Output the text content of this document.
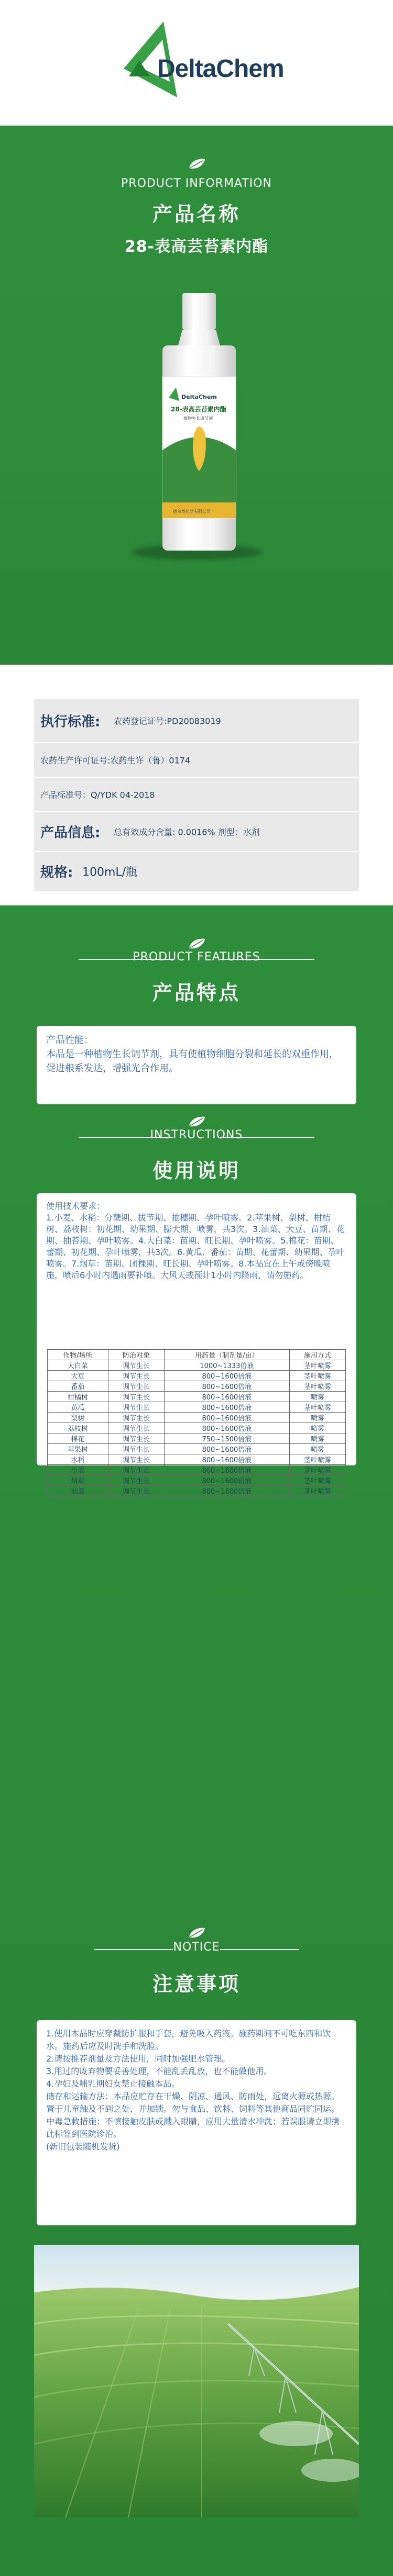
DeltaChem
PRODUCT INFORMATION
产品名称
28-表高芸苔素内酯
DeltaChem
28-表高芸苔素内酯
植物生长调节剂
德尔塔化学有限公司
执行标准: 农药登记证号:PD20083019
农药生产许可证号:农药生许（鲁）0174
产品标准号：Q/YDK 04-2018
产品信息: 总有效成分含量: 0.0016% 剂型：水剂
规格: 100mL/瓶
PRODUCT FEATURES
产品特点

产品性能：

本品是一种植物生长调节剂，具有使植物细胞分裂和延长的双重作用，促进根系发达，增强光合作用。

INSTRUCTIONS
使用说明

使用技术要求：

1.小麦、水稻：分蘖期、拔节期、抽穗期、孕叶喷雾。2.苹果树、梨树、柑桔树、荔枝树：初花期、幼果期、膨大期，喷雾，共3次。3.油菜、大豆、苗期、花期、抽苔期、孕叶喷雾。4.大白菜：苗期、旺长期、孕叶喷雾。5.棉花：苗期、蕾期、初花期、孕叶喷雾，共3次。6.黄瓜、番茄：苗期、花蕾期、幼果期、孕叶喷雾。7.烟草：苗期、团棵期、旺长期、孕叶喷雾。8.本品宜在上午或傍晚喷施，喷后6小时内遇雨要补喷。大风天或预计1小时内降雨，请勿施药。

作物/场所	防治对象	用药量（制剂量/亩）	施用方式
大白菜	调节生长	1000~1333倍液	茎叶喷雾
大豆	调节生长	800~1600倍液	茎叶喷雾
番茄	调节生长	800~1600倍液	茎叶喷雾
柑橘树	调节生长	800~1600倍液	喷雾
黄瓜	调节生长	800~1600倍液	茎叶喷雾
梨树	调节生长	800~1600倍液	喷雾
荔枝树	调节生长	800~1600倍液	喷雾
棉花	调节生长	750~1500倍液	喷雾
苹果树	调节生长	800~1600倍液	喷雾
水稻	调节生长	800~1600倍液	茎叶喷雾
小麦	调节生长	800~1600倍液	茎叶喷雾
烟草	调节生长	800~1600倍液	茎叶喷雾
油菜	调节生长	800~1600倍液	茎叶喷雾
NOTICE
注意事项

1.使用本品时应穿戴防护服和手套，避免吸入药液。施药期间不可吃东西和饮水。施药后应及时洗手和洗脸。

2.请按推荐剂量及方法使用，同时加强肥水管理。

3.用过的废弃物要妥善处理，不能乱丢乱放，也不能做他用。

4.孕妇及哺乳期妇女禁止接触本品。

储存和运输方法：本品应贮存在干燥、阴凉、通风、防雨处，远离火源或热源。置于儿童触及不到之处，并加锁。勿与食品、饮料、饲料等其他商品同贮同运。

中毒急救措施：不慎接触皮肤或溅入眼睛，应用大量清水冲洗；若误服请立即携此标签到医院诊治。

(新旧包装随机发货)
